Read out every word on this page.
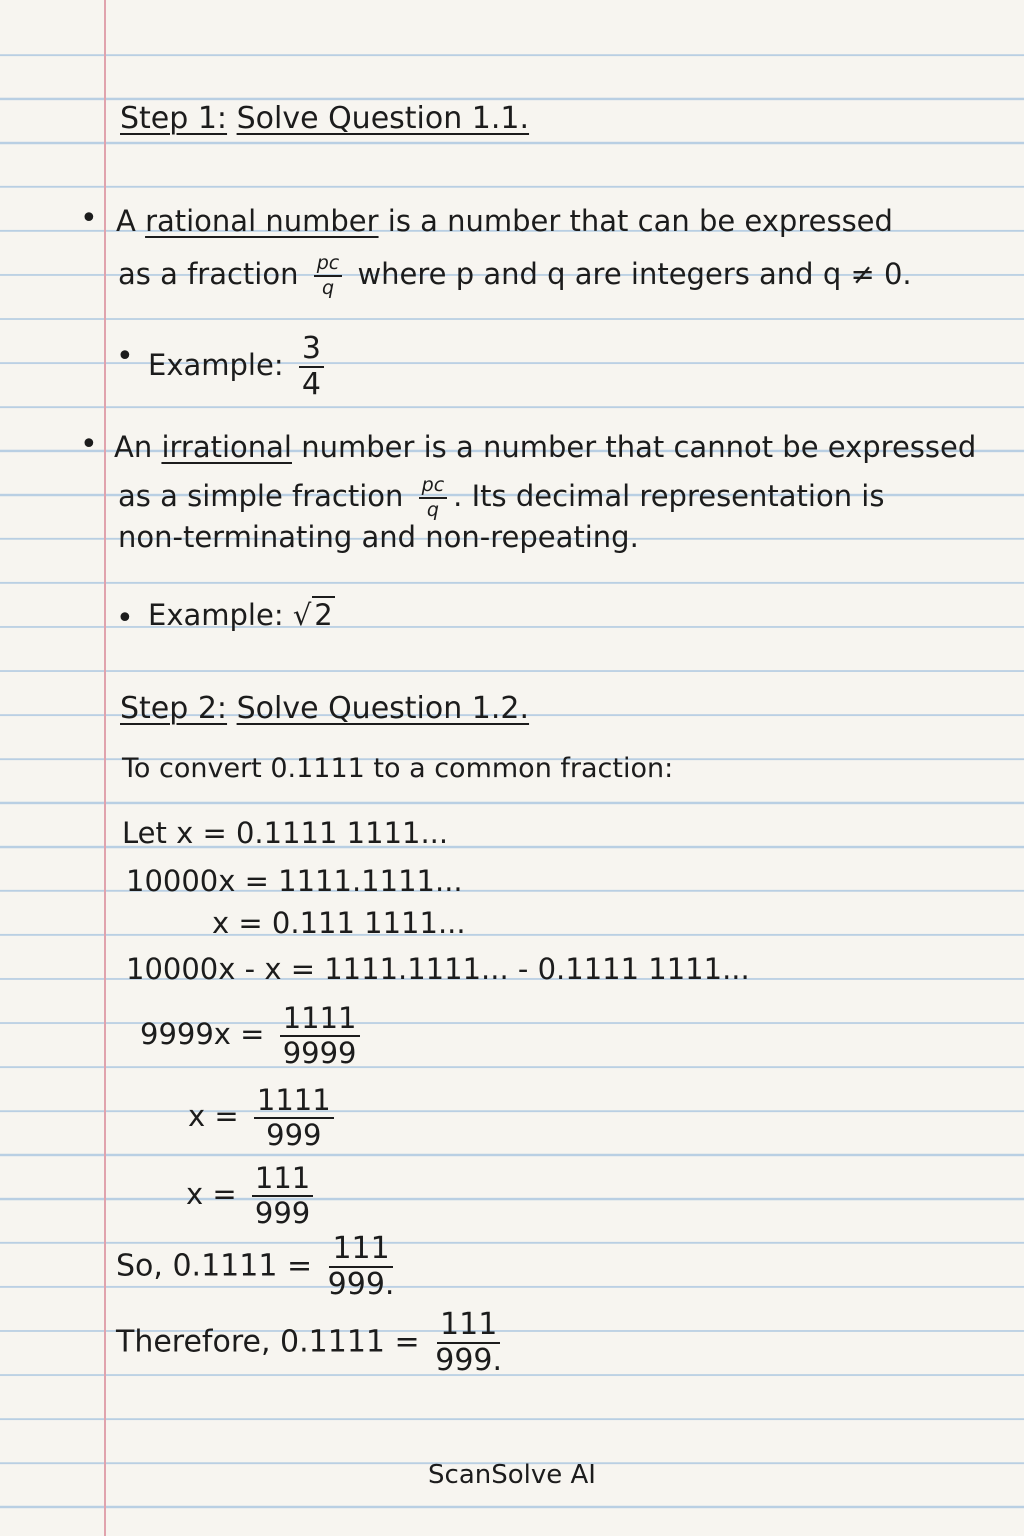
Step 1: Solve Question 1.1.
• A rational number is a number that can be expressed
as a fraction $\frac{pc}{q}$ where p and q are integers and q ≠ 0.
• Example: $\frac{3}{4}$
• An irrational number is a number that cannot be expressed
as a simple fraction $\frac{pc}{q}$ . Its decimal representation is
non-terminating and non-repeating.
• Example: √ 2
Step 2: Solve Question 1.2.
To convert 0.1111 to a common fraction:
Let x = 0.1111 1111...
10000x = 1111.1111...
x = 0.111 1111...
10000x - x = 1111.1111... - 0.1111 1111...
$9999x = \frac{1111}{9999}$
$x = \frac{1111}{999}$
$x = \frac{111}{999}$
So, $0.1111 = \frac{111}{999.}$
Therefore, $0.1111 = \frac{111}{999.}$
ScanSolve AI
